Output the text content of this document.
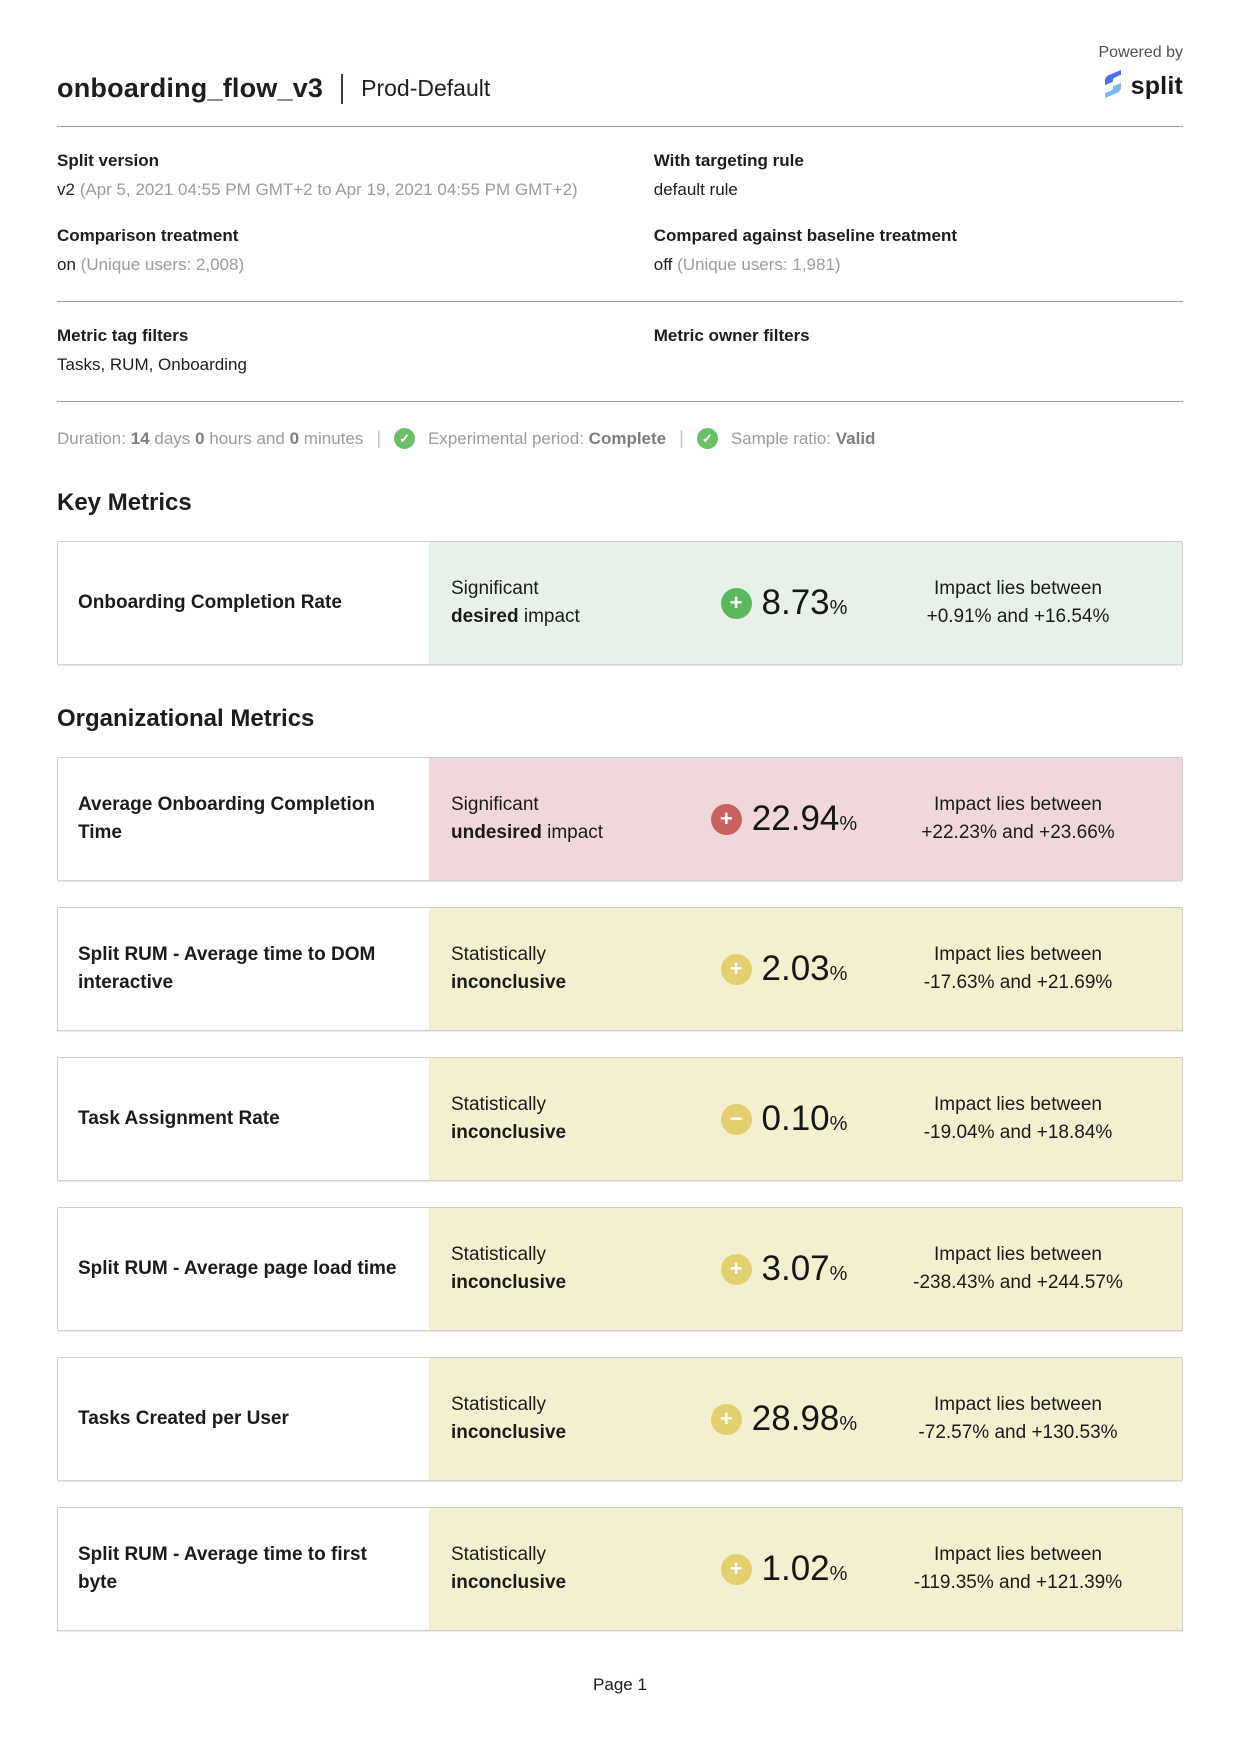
onboarding_flow_v3 Prod-Default
Powered by
split
Split version
v2 (Apr 5, 2021 04:55 PM GMT+2 to Apr 19, 2021 04:55 PM GMT+2)
With targeting rule
default rule
Comparison treatment
on (Unique users: 2,008)
Compared against baseline treatment
off (Unique users: 1,981)
Metric tag filters
Tasks, RUM, Onboarding
Metric owner filters
Duration: 14 days 0 hours and 0 minutes |	✓ Experimental period: Complete |	✓ Sample ratio: Valid
Key Metrics
Onboarding Completion Rate
Significant
desired impact
+ 8.73%
Impact lies between
+0.91% and +16.54%
Organizational Metrics
Average Onboarding Completion Time
Significant
undesired impact
+ 22.94%
Impact lies between
+22.23% and +23.66%
Split RUM - Average time to DOM interactive
Statistically
inconclusive
+ 2.03%
Impact lies between
-17.63% and +21.69%
Task Assignment Rate
Statistically
inconclusive
− 0.10%
Impact lies between
-19.04% and +18.84%
Split RUM - Average page load time
Statistically
inconclusive
+ 3.07%
Impact lies between
-238.43% and +244.57%
Tasks Created per User
Statistically
inconclusive
+ 28.98%
Impact lies between
-72.57% and +130.53%
Split RUM - Average time to first byte
Statistically
inconclusive
+ 1.02%
Impact lies between
-119.35% and +121.39%
Page 1
